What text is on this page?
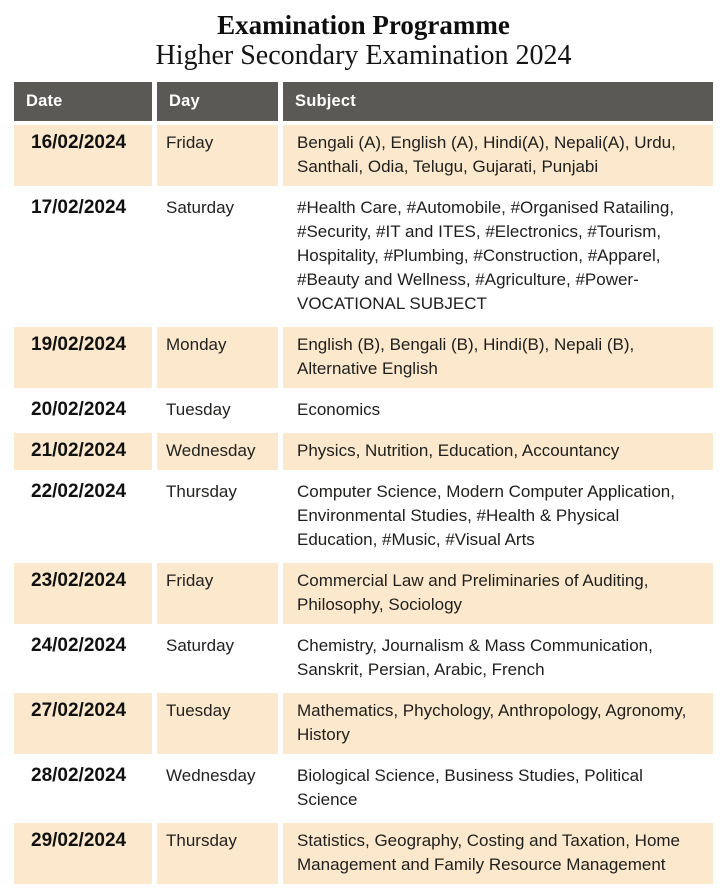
Examination Programme
Higher Secondary Examination 2024
Date	Day	Subject
16/02/2024	Friday	Bengali (A), English (A), Hindi(A), Nepali(A), Urdu, Santhali, Odia, Telugu, Gujarati, Punjabi
17/02/2024	Saturday	#Health Care, #Automobile, #Organised Ratailing, #Security, #IT and ITES, #Electronics, #Tourism, Hospitality, #Plumbing, #Construction, #Apparel, #Beauty and Wellness, #Agriculture, #Power- VOCATIONAL SUBJECT
19/02/2024	Monday	English (B), Bengali (B), Hindi(B), Nepali (B), Alternative English
20/02/2024	Tuesday	Economics
21/02/2024	Wednesday	Physics, Nutrition, Education, Accountancy
22/02/2024	Thursday	Computer Science, Modern Computer Application, Environmental Studies, #Health & Physical Education, #Music, #Visual Arts
23/02/2024	Friday	Commercial Law and Preliminaries of Auditing, Philosophy, Sociology
24/02/2024	Saturday	Chemistry, Journalism & Mass Communication, Sanskrit, Persian, Arabic, French
27/02/2024	Tuesday	Mathematics, Phychology, Anthropology, Agronomy, History
28/02/2024	Wednesday	Biological Science, Business Studies, Political Science
29/02/2024	Thursday	Statistics, Geography, Costing and Taxation, Home Management and Family Resource Management
